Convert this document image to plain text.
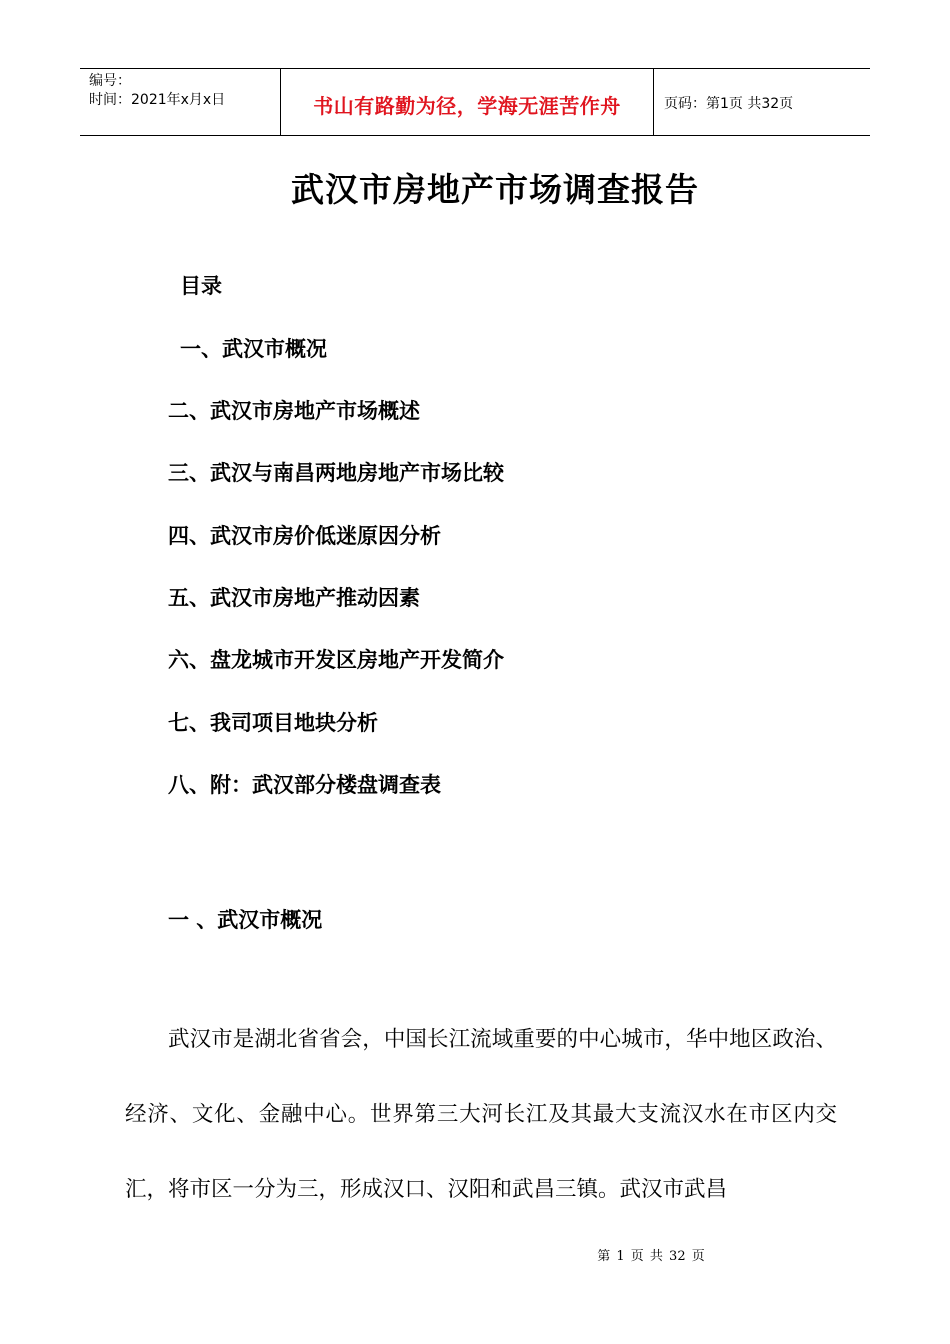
编号：
时间：2021年x月x日	书山有路勤为径，学海无涯苦作舟	页码：第1页 共32页
武汉市房地产市场调查报告
目录
一、武汉市概况
二、武汉市房地产市场概述
三、武汉与南昌两地房地产市场比较
四、武汉市房价低迷原因分析
五、武汉市房地产推动因素
六、盘龙城市开发区房地产开发简介
七、我司项目地块分析
八、附：武汉部分楼盘调查表
一 、武汉市概况

武汉市是湖北省省会，中国长江流域重要的中心城市，华中地区政治、经济、文化、金融中心。世界第三大河长江及其最大支流汉水在市区内交汇，将市区一分为三，形成汉口、汉阳和武昌三镇。武汉市武昌

第 1 页 共 32 页
